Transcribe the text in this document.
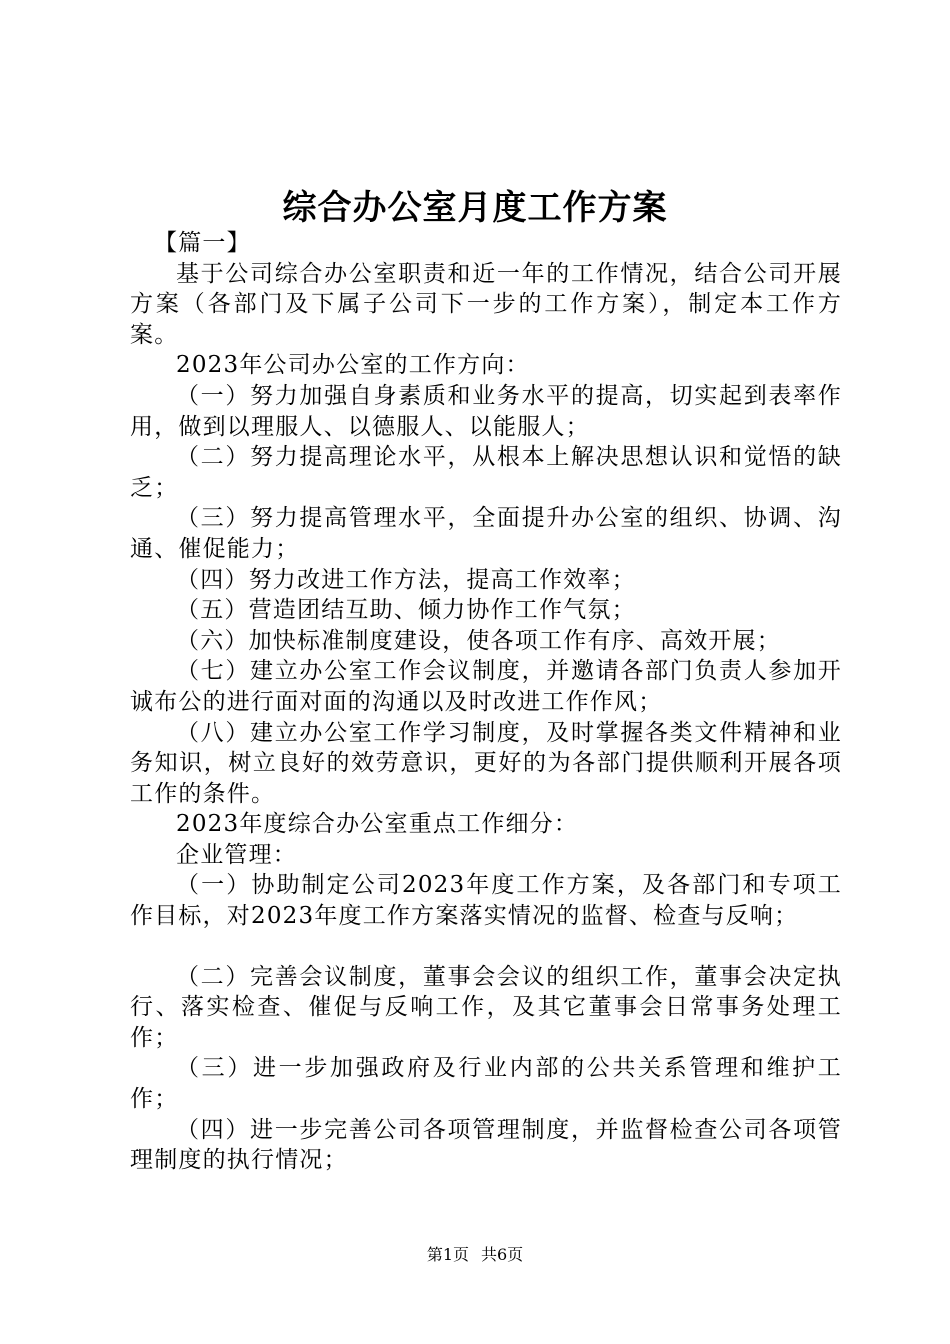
综合办公室月度工作方案

【篇一】

基于公司综合办公室职责和近一年的工作情况，结合公司开展方案（各部门及下属子公司下一步的工作方案），制定本工作方案。

2023年公司办公室的工作方向：

（一）努力加强自身素质和业务水平的提高，切实起到表率作用，做到以理服人、以德服人、以能服人；

（二）努力提高理论水平，从根本上解决思想认识和觉悟的缺乏；

（三）努力提高管理水平，全面提升办公室的组织、协调、沟通、催促能力；

（四）努力改进工作方法，提高工作效率；

（五）营造团结互助、倾力协作工作气氛；

（六）加快标准制度建设，使各项工作有序、高效开展；

（七）建立办公室工作会议制度，并邀请各部门负责人参加开诚布公的进行面对面的沟通以及时改进工作作风；

（八）建立办公室工作学习制度，及时掌握各类文件精神和业务知识，树立良好的效劳意识，更好的为各部门提供顺利开展各项工作的条件。

2023年度综合办公室重点工作细分：

企业管理：

（一）协助制定公司2023年度工作方案，及各部门和专项工作目标，对2023年度工作方案落实情况的监督、检查与反响；

（二）完善会议制度，董事会会议的组织工作，董事会决定执行、落实检查、催促与反响工作，及其它董事会日常事务处理工作；

（三）进一步加强政府及行业内部的公共关系管理和维护工作；

（四）进一步完善公司各项管理制度，并监督检查公司各项管理制度的执行情况；

第1页 共6页
